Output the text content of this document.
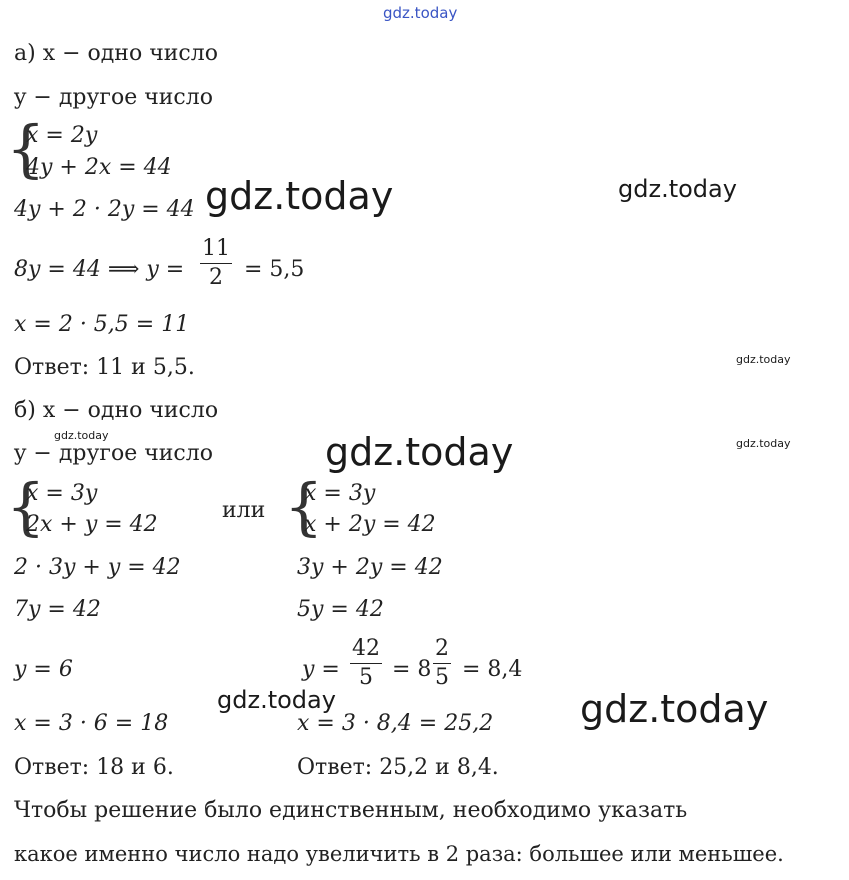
gdz.today
gdz.today	gdz.today
gdz.today
gdz.today	gdz.today	gdz.today
gdz.today	gdz.today
а) x − одно число
y − другое число
{
x = 2y
4y + 2x = 44
4y + 2 · 2y = 44
8y = 44 ⟹ $y = \frac{11}{2} = 5,5$
x = 2 · 5,5 = 11
Ответ: 11 и 5,5.
б) x − одно число
y − другое число
{
x = 3y
2x + y = 42
или {
x = 3y
x + 2y = 42
2 · 3y + y = 42	3y + 2y = 42
7y = 42	5y = 42
y = 6	$y = \frac{42}{5} = 8 \frac{2}{5} = 8,4$
x = 3 · 6 = 18	x = 3 · 8,4 = 25,2
Ответ: 18 и 6.	Ответ: 25,2 и 8,4.
Чтобы решение было единственным, необходимо указать
какое именно число надо увеличить в 2 раза: большее или меньшее.
